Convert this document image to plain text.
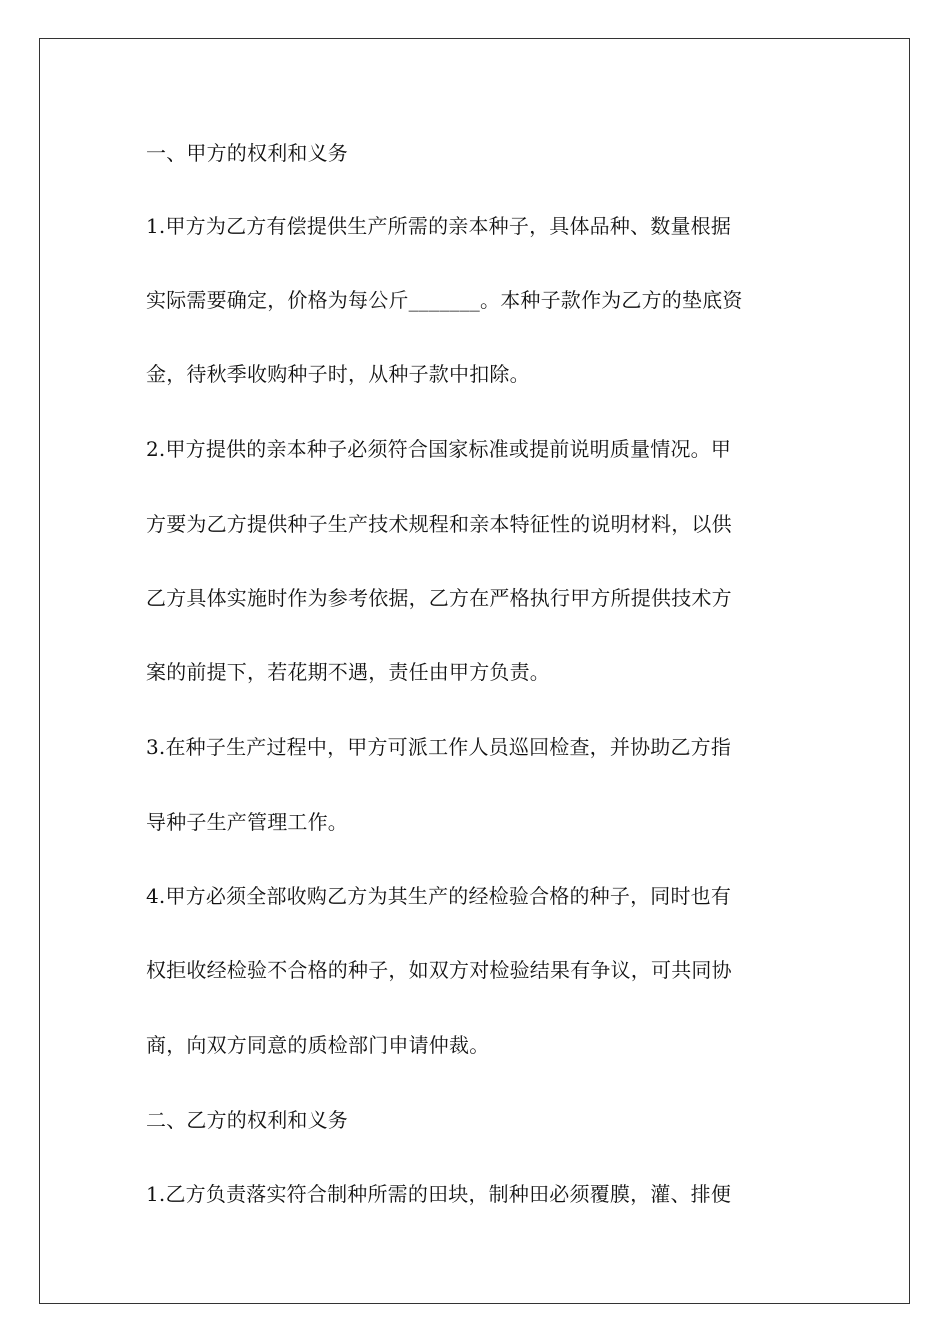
一、甲方的权利和义务
1.甲方为乙方有偿提供生产所需的亲本种子，具体品种、数量根据
实际需要确定，价格为每公斤_______。本种子款作为乙方的垫底资
金，待秋季收购种子时，从种子款中扣除。
2.甲方提供的亲本种子必须符合国家标准或提前说明质量情况。甲
方要为乙方提供种子生产技术规程和亲本特征性的说明材料，以供
乙方具体实施时作为参考依据，乙方在严格执行甲方所提供技术方
案的前提下，若花期不遇，责任由甲方负责。
3.在种子生产过程中，甲方可派工作人员巡回检查，并协助乙方指
导种子生产管理工作。
4.甲方必须全部收购乙方为其生产的经检验合格的种子，同时也有
权拒收经检验不合格的种子，如双方对检验结果有争议，可共同协
商，向双方同意的质检部门申请仲裁。
二、乙方的权利和义务
1.乙方负责落实符合制种所需的田块，制种田必须覆膜，灌、排便
